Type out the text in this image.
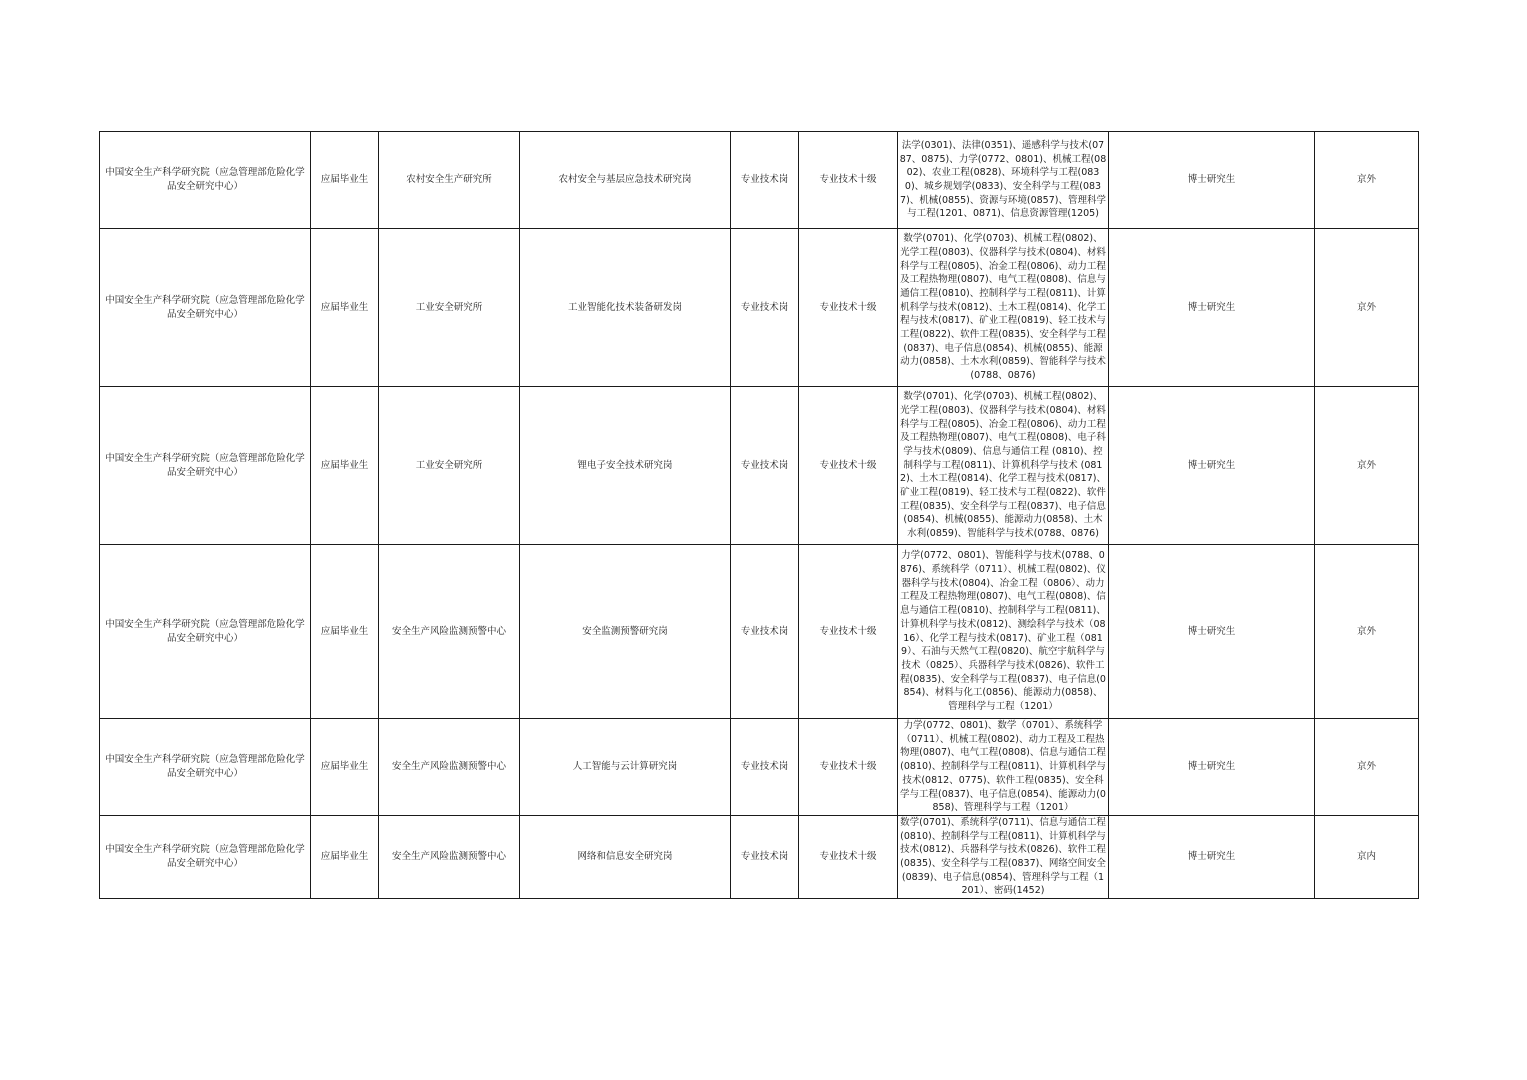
中国安全生产科学研究院（应急管理部危险化学品安全研究中心）	应届毕业生	农村安全生产研究所	农村安全与基层应急技术研究岗	专业技术岗	专业技术十级	法学(0301)、法律(0351)、遥感科学与技术(0787、0875)、力学(0772、0801)、机械工程(0802)、农业工程(0828)、环境科学与工程(0830)、城乡规划学(0833)、安全科学与工程(0837)、机械(0855)、资源与环境(0857)、管理科学与工程(1201、0871)、信息资源管理(1205)	博士研究生	京外
中国安全生产科学研究院（应急管理部危险化学品安全研究中心）	应届毕业生	工业安全研究所	工业智能化技术装备研发岗	专业技术岗	专业技术十级	数学(0701)、化学(0703)、机械工程(0802)、光学工程(0803)、仪器科学与技术(0804)、材料科学与工程(0805)、冶金工程(0806)、动力工程及工程热物理(0807)、电气工程(0808)、信息与通信工程(0810)、控制科学与工程(0811)、计算机科学与技术(0812)、土木工程(0814)、化学工程与技术(0817)、矿业工程(0819)、轻工技术与工程(0822)、软件工程(0835)、安全科学与工程(0837)、电子信息(0854)、机械(0855)、能源动力(0858)、土木水利(0859)、智能科学与技术(0788、0876)	博士研究生	京外
中国安全生产科学研究院（应急管理部危险化学品安全研究中心）	应届毕业生	工业安全研究所	锂电子安全技术研究岗	专业技术岗	专业技术十级	数学(0701)、化学(0703)、机械工程(0802)、光学工程(0803)、仪器科学与技术(0804)、材料科学与工程(0805)、冶金工程(0806)、动力工程及工程热物理(0807)、电气工程(0808)、电子科学与技术(0809)、信息与通信工程 (0810)、控制科学与工程(0811)、计算机科学与技术 (0812)、土木工程(0814)、化学工程与技术(0817)、矿业工程(0819)、轻工技术与工程(0822)、软件工程(0835)、安全科学与工程(0837)、电子信息(0854)、机械(0855)、能源动力(0858)、土木水利(0859)、智能科学与技术(0788、0876)	博士研究生	京外
中国安全生产科学研究院（应急管理部危险化学品安全研究中心）	应届毕业生	安全生产风险监测预警中心	安全监测预警研究岗	专业技术岗	专业技术十级	力学(0772、0801)、智能科学与技术(0788、0876)、系统科学（0711）、机械工程(0802)、仪器科学与技术(0804)、冶金工程（0806）、动力工程及工程热物理(0807)、电气工程(0808)、信息与通信工程(0810)、控制科学与工程(0811)、计算机科学与技术(0812)、测绘科学与技术（0816）、化学工程与技术(0817)、矿业工程（0819）、石油与天然气工程(0820)、航空宇航科学与技术（0825）、兵器科学与技术(0826)、软件工程(0835)、安全科学与工程(0837)、电子信息(0854)、材料与化工(0856)、能源动力(0858)、管理科学与工程（1201）	博士研究生	京外
中国安全生产科学研究院（应急管理部危险化学品安全研究中心）	应届毕业生	安全生产风险监测预警中心	人工智能与云计算研究岗	专业技术岗	专业技术十级	力学(0772、0801)、数学（0701）、系统科学（0711）、机械工程(0802)、动力工程及工程热物理(0807)、电气工程(0808)、信息与通信工程(0810)、控制科学与工程(0811)、计算机科学与技术(0812、0775)、软件工程(0835)、安全科学与工程(0837)、电子信息(0854)、能源动力(0858)、管理科学与工程（1201）	博士研究生	京外
中国安全生产科学研究院（应急管理部危险化学品安全研究中心）	应届毕业生	安全生产风险监测预警中心	网络和信息安全研究岗	专业技术岗	专业技术十级	数学(0701)、系统科学(0711)、信息与通信工程(0810)、控制科学与工程(0811)、计算机科学与技术(0812)、兵器科学与技术(0826)、软件工程(0835)、安全科学与工程(0837)、网络空间安全(0839)、电子信息(0854)、管理科学与工程（1201）、密码(1452)	博士研究生	京内
